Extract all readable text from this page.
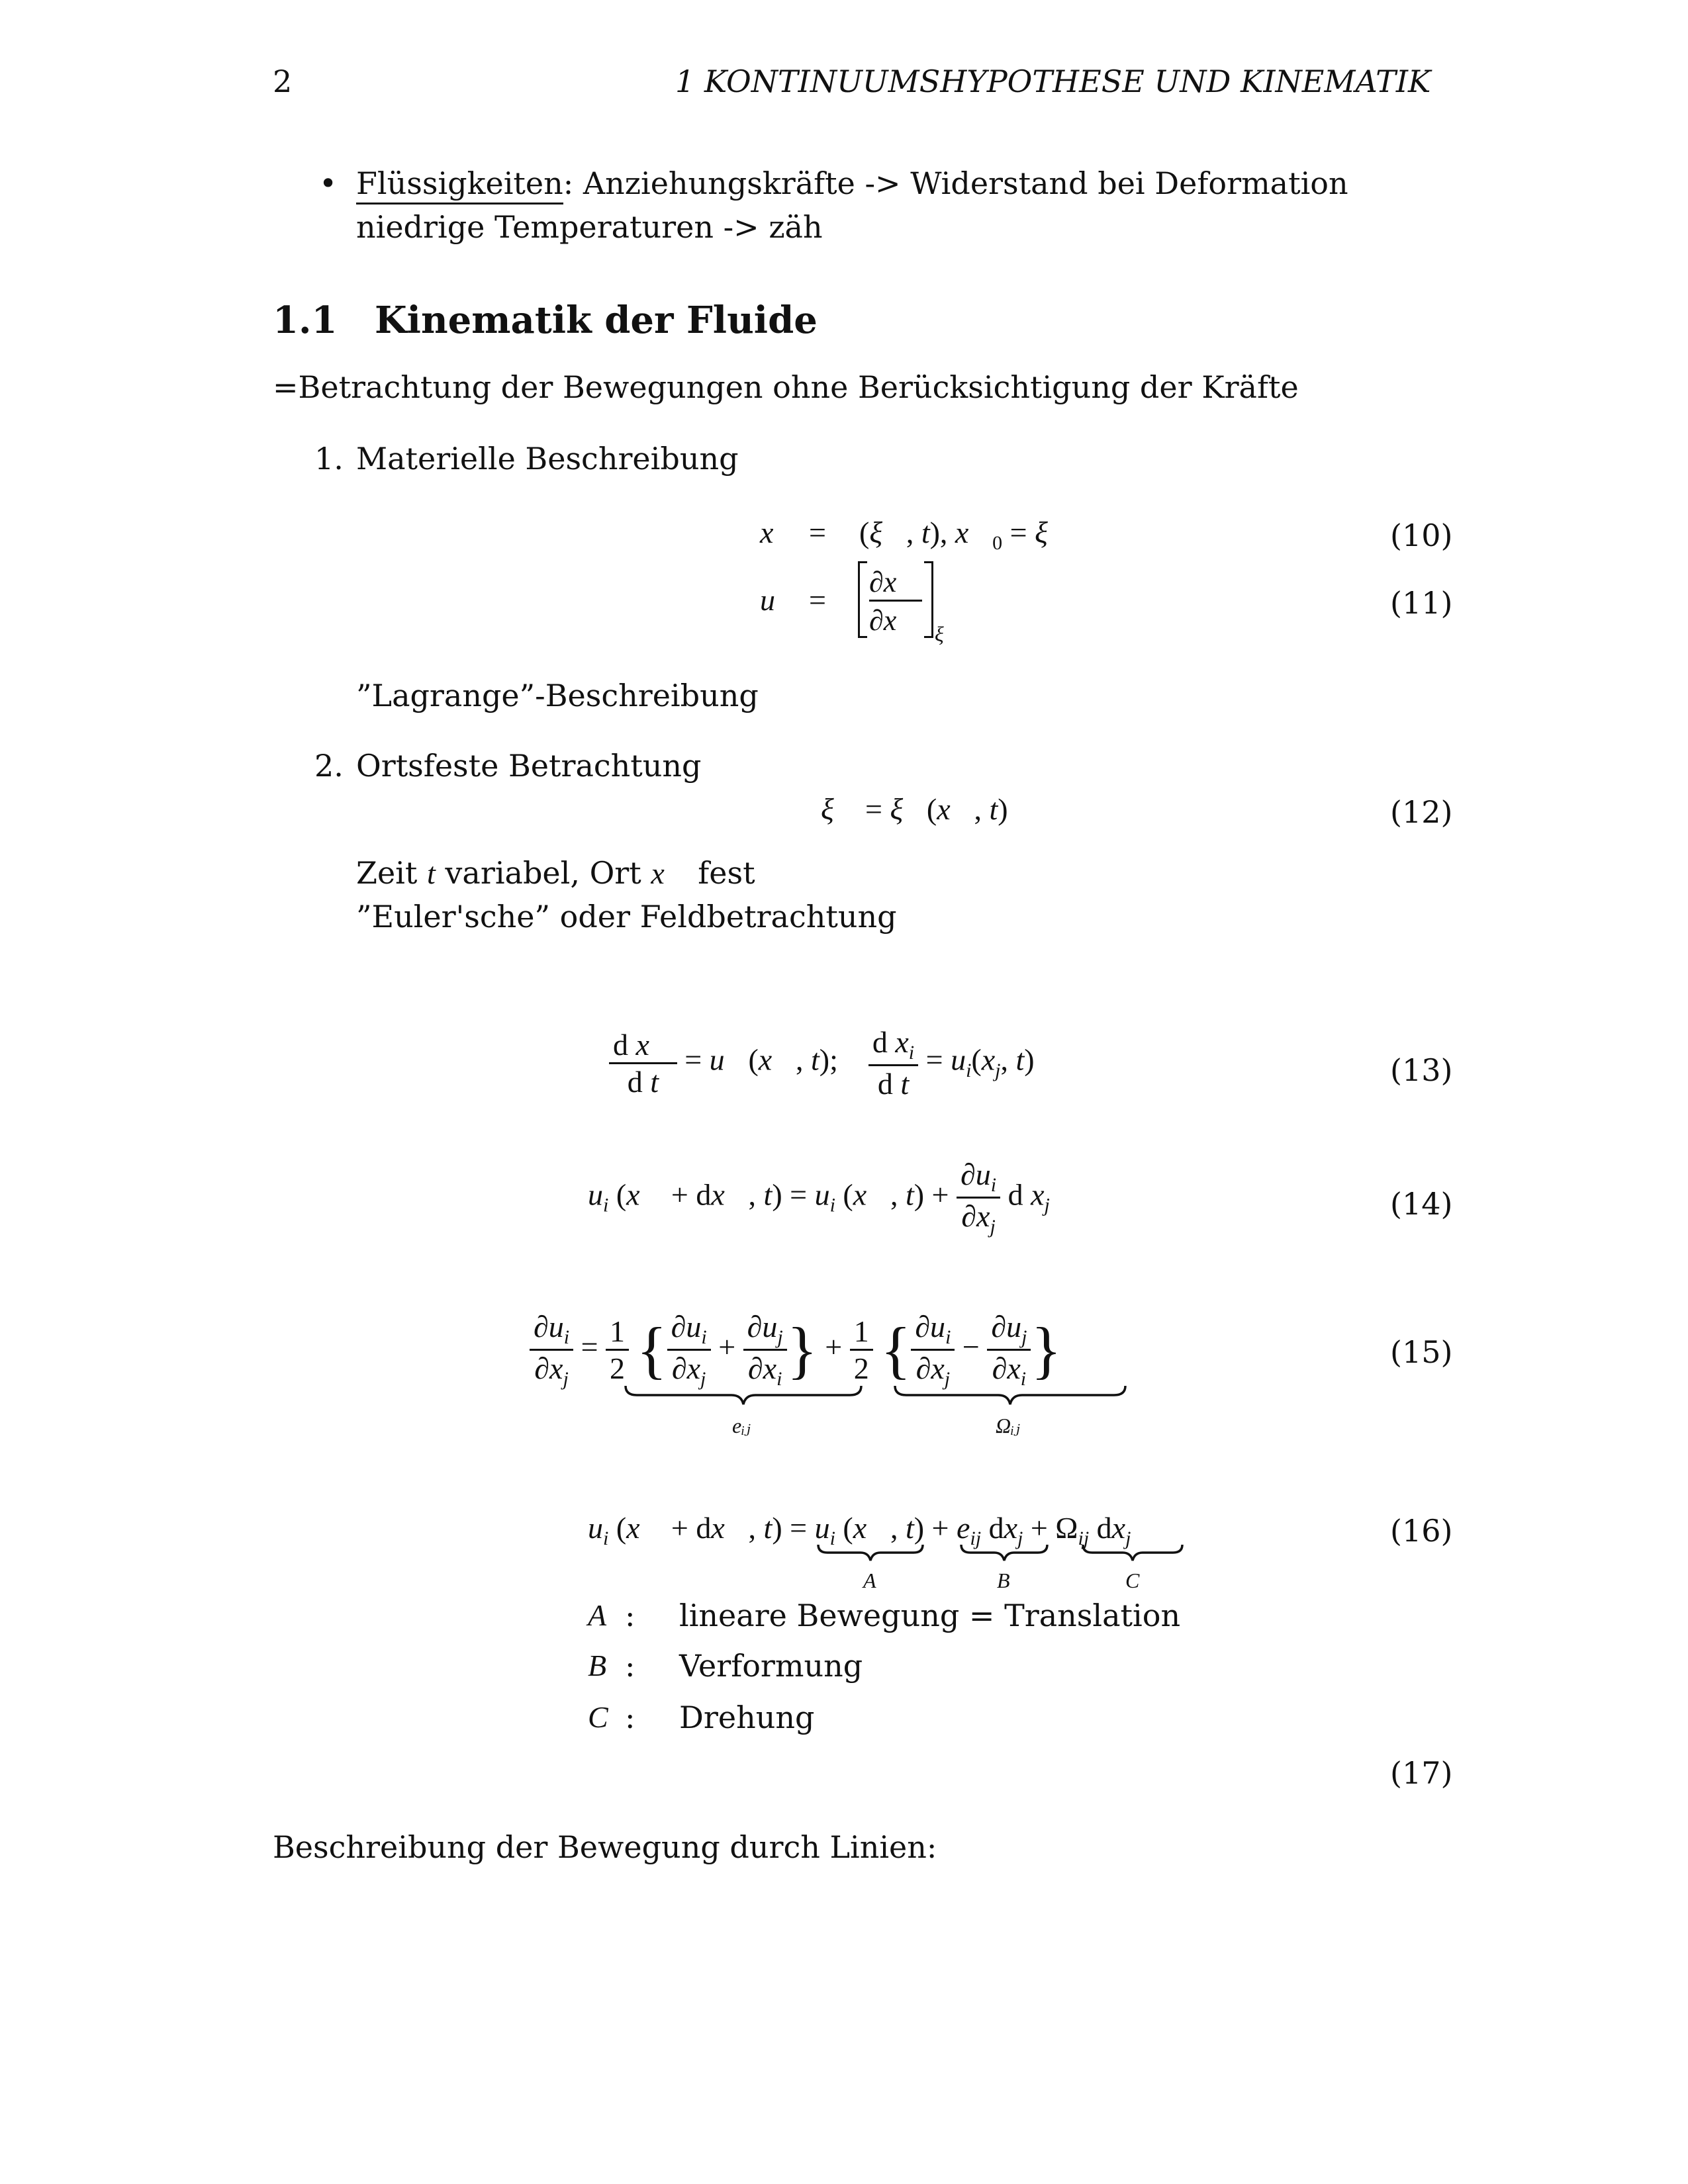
2	1 KONTINUUMSHYPOTHESE UND KINEMATIK
• Flüssigkeiten: Anziehungskräfte -> Widerstand bei Deformation
niedrige Temperaturen -> zäh
1.1 Kinematik der Fluide
=Betrachtung der Bewegungen ohne Berücksichtigung der Kräfte
1. Materielle Beschreibung
x⃗ = (ξ⃗, t), $x⃗_0$ = ξ⃗	(10)
u⃗ =
∂x⃗
∂x ξ⃗
(11)
”Lagrange”-Beschreibung
2. Ortsfeste Betrachtung
ξ⃗ = ξ⃗(x⃗, t)	(12)
Zeit t variabel, Ort x⃗ fest
”Euler'sche” oder Feldbetrachtung
$\frac{\text{d x⃗}}{\text{d t}}$ = u⃗(x⃗, t); $\frac{d x_i}{\text{d t}} = u_i(x_j$, t)	(13)
$u_i$ (x⃗ + dx⃗, $t) = u_i$ (x⃗, $t) + \frac{\partial u_i}{\partial x_j}$ d $x_j$	(14)
$\frac{\partial u_i}{\partial x_j} = \frac{1}{2}$ { $\frac{\partial u_i}{\partial x_j} + \frac{\partial u_j}{\partial x_i}$ } + $\frac{1}{2}$ { $\frac{\partial u_i}{\partial x_j} - \frac{\partial u_j}{\partial x_i}$ }
eᵢⱼ	Ωᵢⱼ
(15)
$u_i$ (x⃗ + dx⃗, $t) = u_i$ (x⃗, $t) + e_{ij}$ $dx_j + \Omega_{ij}$ $dx_j$
A	B	C
(16)
A : lineare Bewegung = Translation
B : Verformung
C : Drehung
(17)
Beschreibung der Bewegung durch Linien:
